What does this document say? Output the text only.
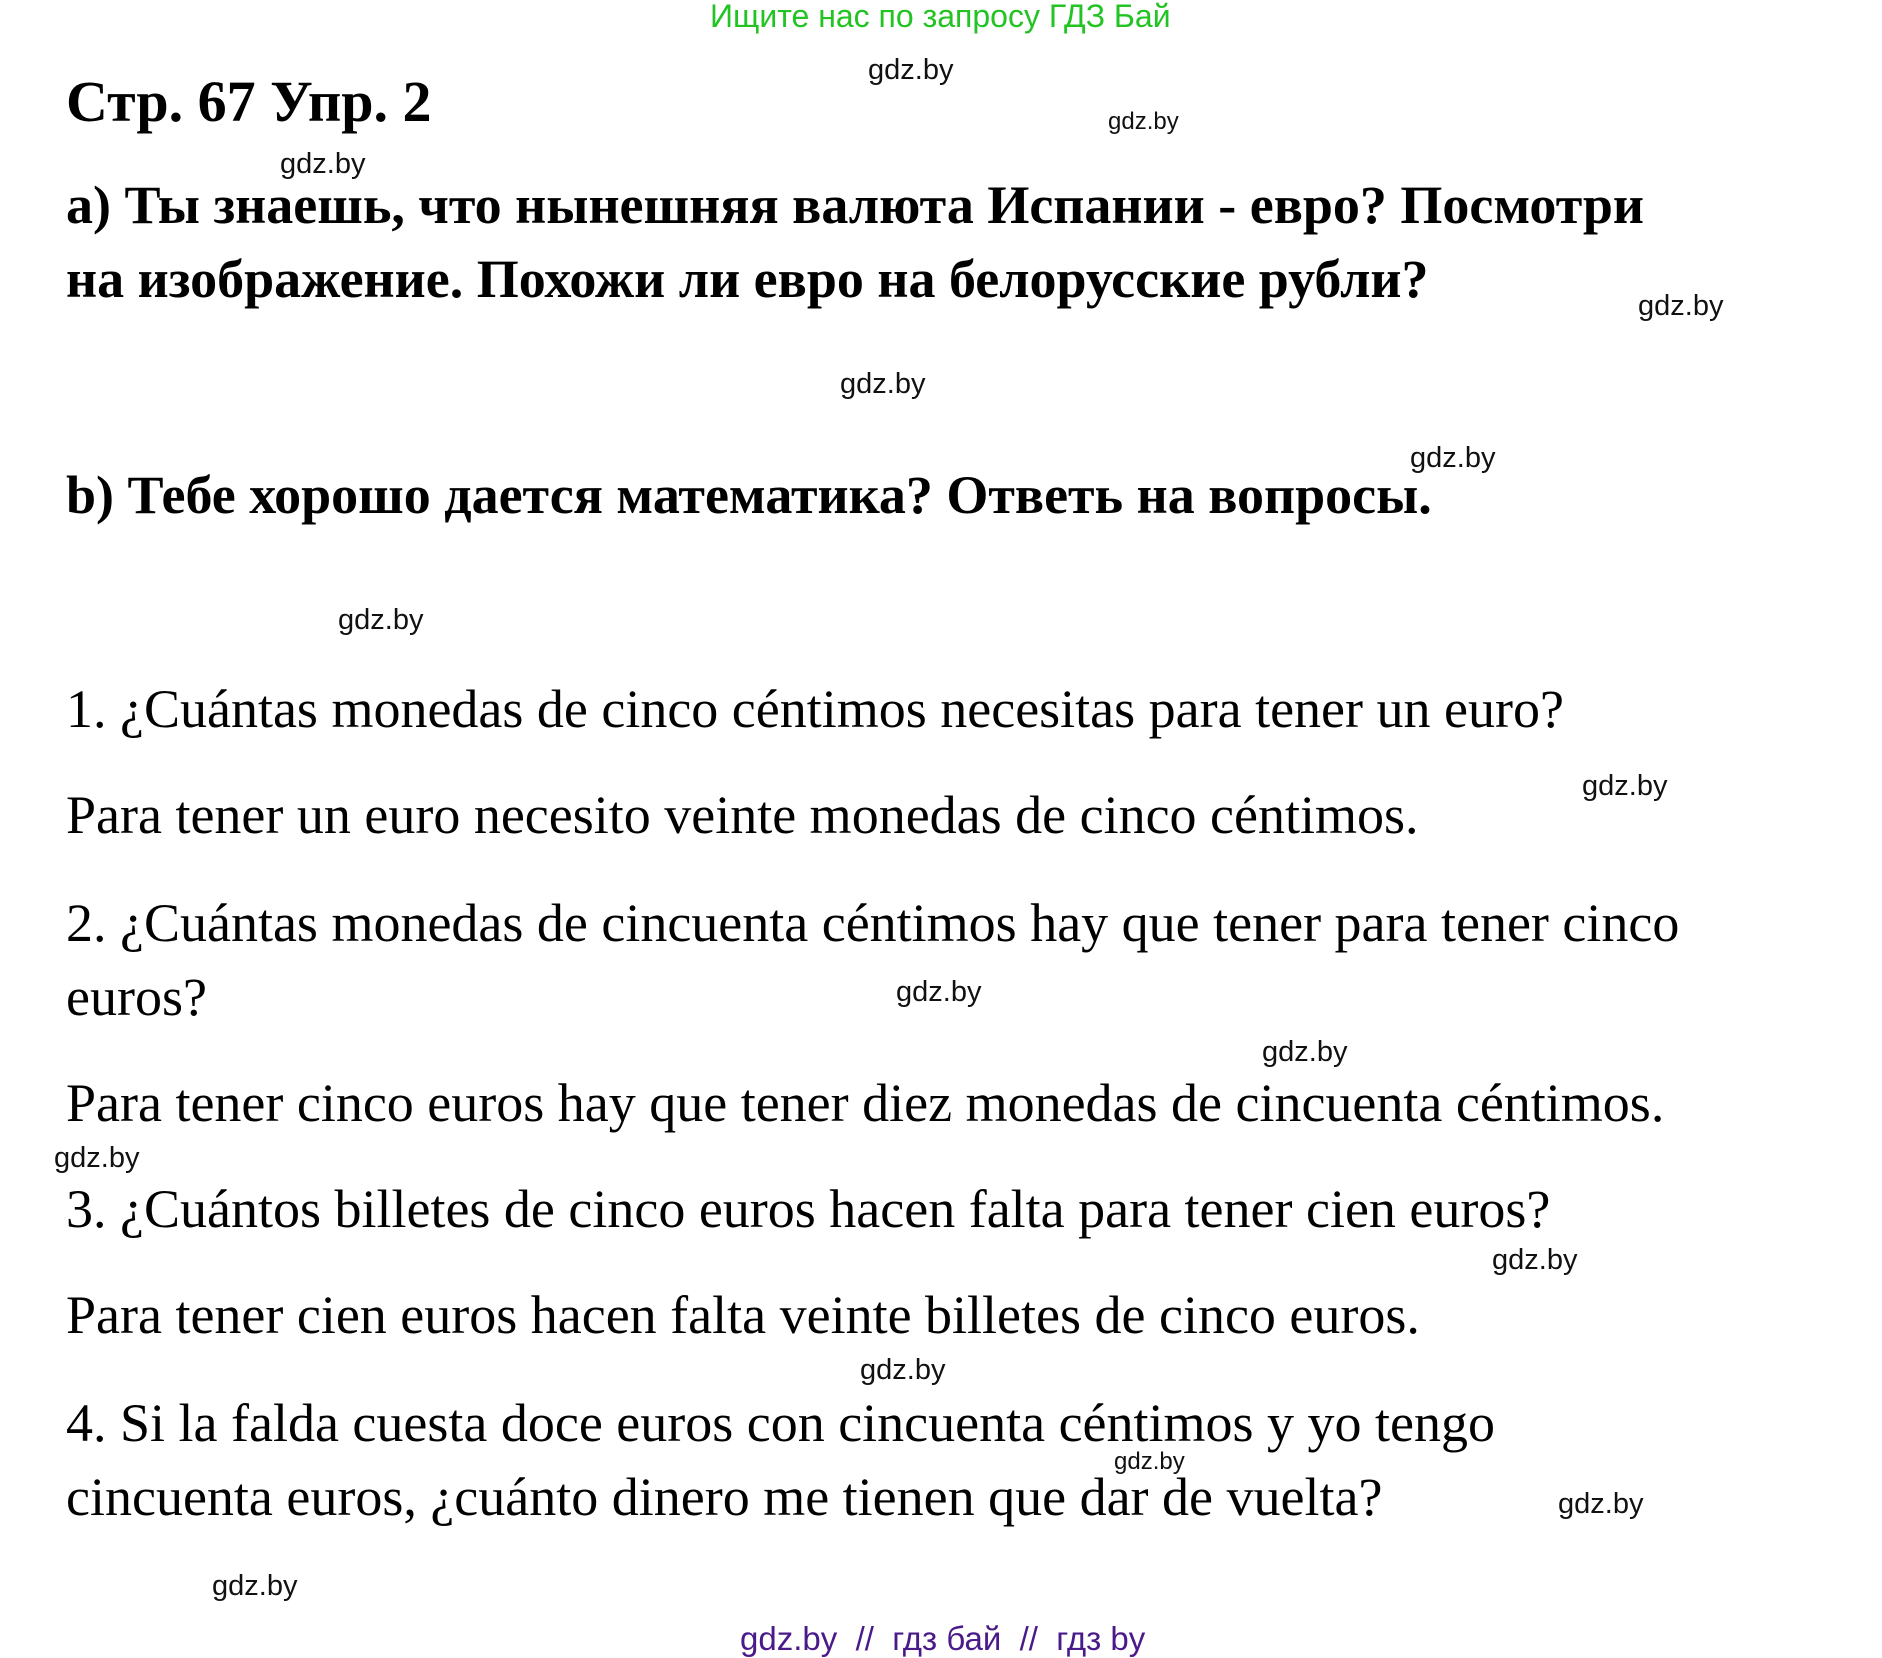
Ищите нас по запросу ГДЗ Бай
Стр. 67 Упр. 2
a) Ты знаешь, что нынешняя валюта Испании - евро? Посмотри
на изображение. Похожи ли евро на белорусские рубли?
b) Тебе хорошо дается математика? Ответь на вопросы.
1. ¿Cuántas monedas de cinco céntimos necesitas para tener un euro?
Para tener un euro necesito veinte monedas de cinco céntimos.
2. ¿Cuántas monedas de cincuenta céntimos hay que tener para tener cinco
euros?
Para tener cinco euros hay que tener diez monedas de cincuenta céntimos.
3. ¿Cuántos billetes de cinco euros hacen falta para tener cien euros?
Para tener cien euros hacen falta veinte billetes de cinco euros.
4. Si la falda cuesta doce euros con cincuenta céntimos y yo tengo
cincuenta euros, ¿cuánto dinero me tienen que dar de vuelta?
gdz.by
gdz.by
gdz.by
gdz.by
gdz.by
gdz.by
gdz.by
gdz.by
gdz.by
gdz.by
gdz.by
gdz.by
gdz.by
gdz.by
gdz.by
gdz.by
gdz.by  //  гдз бай  //  гдз by
